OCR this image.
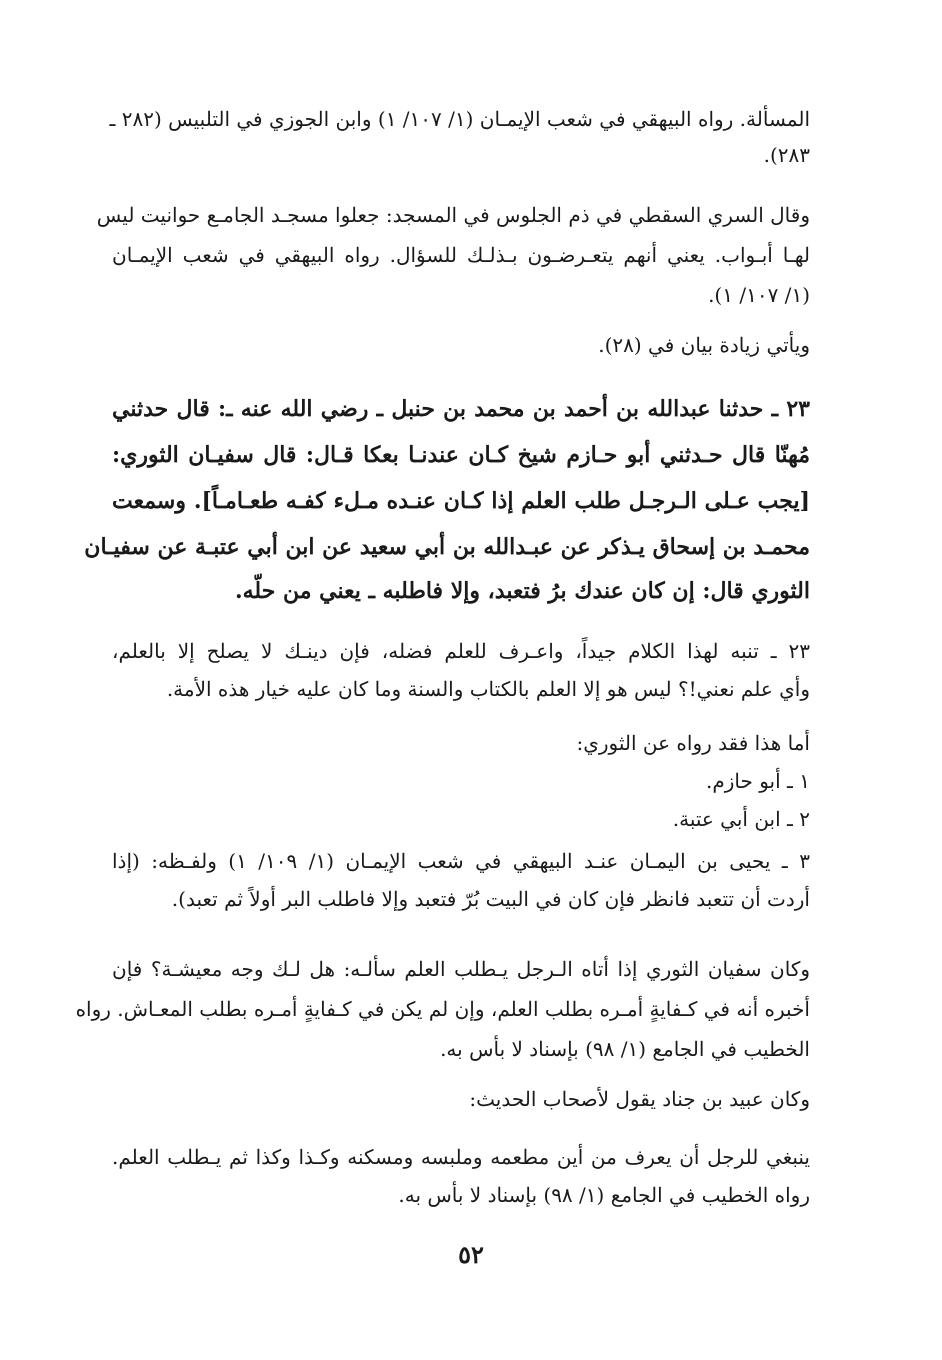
المسألة. رواه البيهقي في شعب الإيمـان (١/ ١٠٧/ ١) وابن الجوزي في التلبيس (٢٨٢ ـ
٢٨٣).
وقال السري السقطي في ذم الجلوس في المسجد: جعلوا مسجـد الجامـع حوانيت ليس
لهـا أبـواب. يعني أنهم يتعـرضـون بـذلـك للسؤال. رواه البيهقي في شعب الإيمـان
(١/ ١٠٧/ ١).
ويأتي زيادة بيان في (٢٨).
٢٣ ـ حدثنا عبدالله بن أحمد بن محمد بن حنبل ـ رضي الله عنه ـ: قال حدثني
مُهنّا قال حـدثني أبو حـازم شيخ كـان عندنـا بعكا قـال: قال سفيـان الثوري:
[يجب عـلى الـرجـل طلب العلم إذا كـان عنـده مـلء كفـه طعـامـاً]. وسمعت
محمـد بن إسحاق يـذكر عن عبـدالله بن أبي سعيد عن ابن أبي عتبـة عن سفيـان
الثوري قال: إن كان عندك برُ فتعبد، وإلا فاطلبه ـ يعني من حلّه.
٢٣ ـ تنبه لهذا الكلام جيداً، واعـرف للعلم فضله، فإن دينـك لا يصلح إلا بالعلم،
وأي علم نعني!؟ ليس هو إلا العلم بالكتاب والسنة وما كان عليه خيار هذه الأمة.
أما هذا فقد رواه عن الثوري:
١ ـ أبو حازم.
٢ ـ ابن أبي عتبة.
٣ ـ يحيى بن اليمـان عنـد البيهقي في شعب الإيمـان (١/ ١٠٩/ ١) ولفـظه: (إذا
أردت أن تتعبد فانظر فإن كان في البيت بُرّ فتعبد وإلا فاطلب البر أولاً ثم تعبد).
وكان سفيان الثوري إذا أتاه الـرجل يـطلب العلم سألـه: هل لـك وجه معيشـة؟ فإن
أخبره أنه في كـفايةٍ أمـره بطلب العلم، وإن لم يكن في كـفايةٍ أمـره بطلب المعـاش. رواه
الخطيب في الجامع (١/ ٩٨) بإسناد لا بأس به.
وكان عبيد بن جناد يقول لأصحاب الحديث:
ينبغي للرجل أن يعرف من أين مطعمه وملبسه ومسكنه وكـذا وكذا ثم يـطلب العلم.
رواه الخطيب في الجامع (١/ ٩٨) بإسناد لا بأس به.
٥٢
